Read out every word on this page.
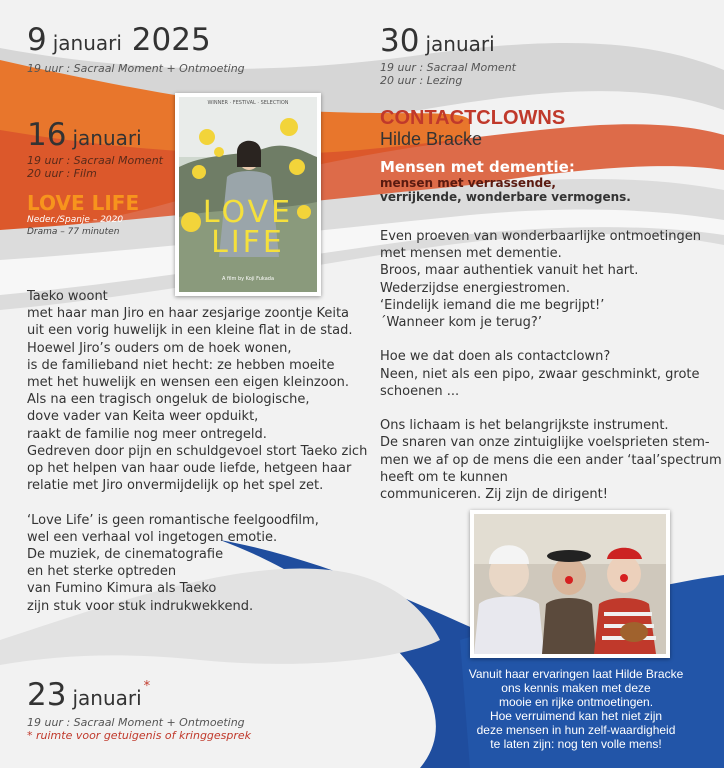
9 januari 2025
19 uur : Sacraal Moment + Ontmoeting
16 januari
19 uur : Sacraal Moment
20 uur : Film
LOVE LIFE
Neder./Spanje – 2020
Drama – 77 minuten
WINNER · FESTIVAL · SELECTION
LOVE
LIFE
A film by Koji Fukada
Taeko woont
met haar man Jiro en haar zesjarige zoontje Keita
uit een vorig huwelijk in een kleine flat in de stad.
Hoewel Jiro’s ouders om de hoek wonen,
is de familieband niet hecht: ze hebben moeite
met het huwelijk en wensen een eigen kleinzoon.
Als na een tragisch ongeluk de biologische,
dove vader van Keita weer opduikt,
raakt de familie nog meer ontregeld.
Gedreven door pijn en schuldgevoel stort Taeko zich
op het helpen van haar oude liefde, hetgeen haar
relatie met Jiro onvermijdelijk op het spel zet.
‘Love Life’ is geen romantische feelgoodfilm,
wel een verhaal vol ingetogen emotie.
De muziek, de cinematografie
en het sterke optreden
van Fumino Kimura als Taeko
zijn stuk voor stuk indrukwekkend.
23 januari *
19 uur : Sacraal Moment + Ontmoeting
* ruimte voor getuigenis of kringgesprek
30 januari
19 uur : Sacraal Moment
20 uur : Lezing
CONTACTCLOWNS
Hilde Bracke
Mensen met dementie:
mensen met verrassende,
verrijkende, wonderbare vermogens.
Even proeven van wonderbaarlijke ontmoetingen
met mensen met dementie.
Broos, maar authentiek vanuit het hart.
Wederzijdse energiestromen.
‘Eindelijk iemand die me begrijpt!’
´Wanneer kom je terug?’
Hoe we dat doen als contactclown?
Neen, niet als een pipo, zwaar geschminkt, grote
schoenen ...
Ons lichaam is het belangrijkste instrument.
De snaren van onze zintuiglijke voelsprieten stem-
men we af op de mens die een ander ‘taal’spectrum
heeft om te kunnen
communiceren. Zij zijn de dirigent!
Vanuit haar ervaringen laat Hilde Bracke
ons kennis maken met deze
mooie en rijke ontmoetingen.
Hoe verruimend kan het niet zijn
deze mensen in hun zelf-waardigheid
te laten zijn: nog ten volle mens!
